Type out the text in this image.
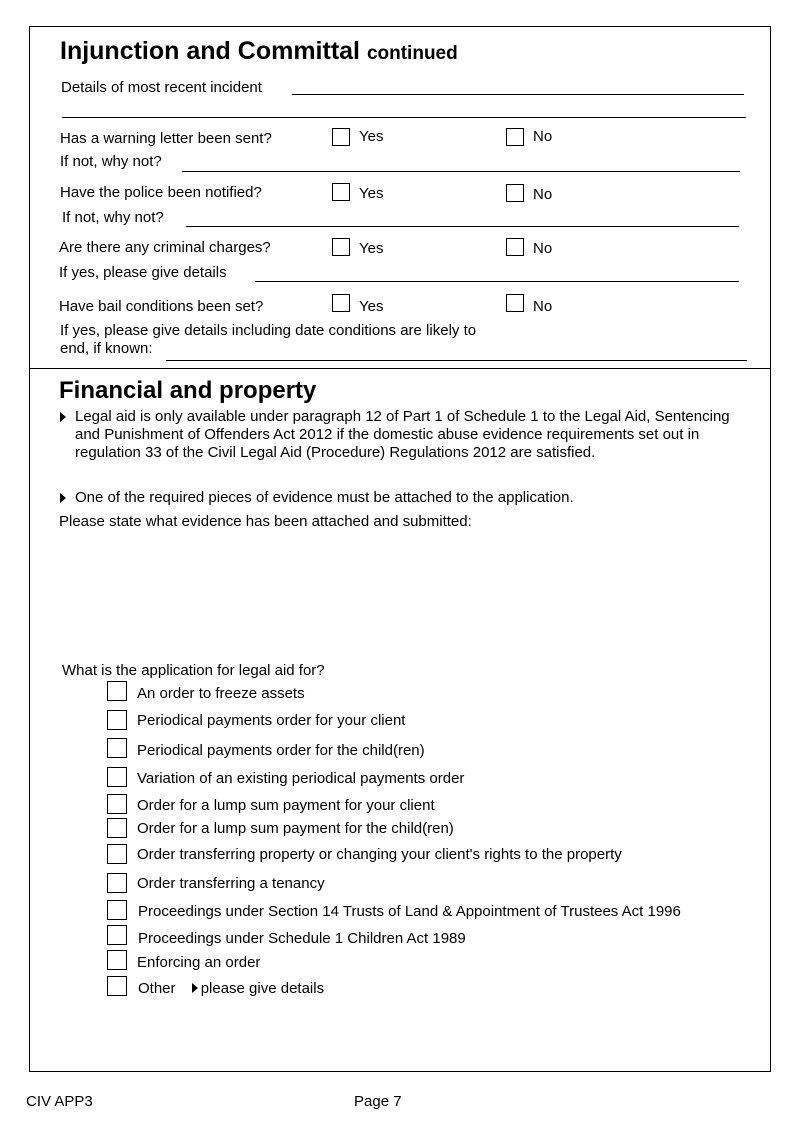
Injunction and Committal continued
Details of most recent incident
Has a warning letter been sent?	Yes	No
If not, why not?
Have the police been notified?	Yes	No
If not, why not?
Are there any criminal charges?	Yes	No
If yes, please give details
Have bail conditions been set?	Yes	No
If yes, please give details including date conditions are likely to
end, if known:
Financial and property
Legal aid is only available under paragraph 12 of Part 1 of Schedule 1 to the Legal Aid, Sentencing and Punishment of Offenders Act 2012 if the domestic abuse evidence requirements set out in regulation 33 of the Civil Legal Aid (Procedure) Regulations 2012 are satisfied.
One of the required pieces of evidence must be attached to the application.
Please state what evidence has been attached and submitted:
What is the application for legal aid for?
An order to freeze assets
Periodical payments order for your client
Periodical payments order for the child(ren)
Variation of an existing periodical payments order
Order for a lump sum payment for your client
Order for a lump sum payment for the child(ren)
Order transferring property or changing your client's rights to the property
Order transferring a tenancy
Proceedings under Section 14 Trusts of Land & Appointment of Trustees Act 1996
Proceedings under Schedule 1 Children Act 1989
Enforcing an order
Other please give details
CIV APP3	Page 7
